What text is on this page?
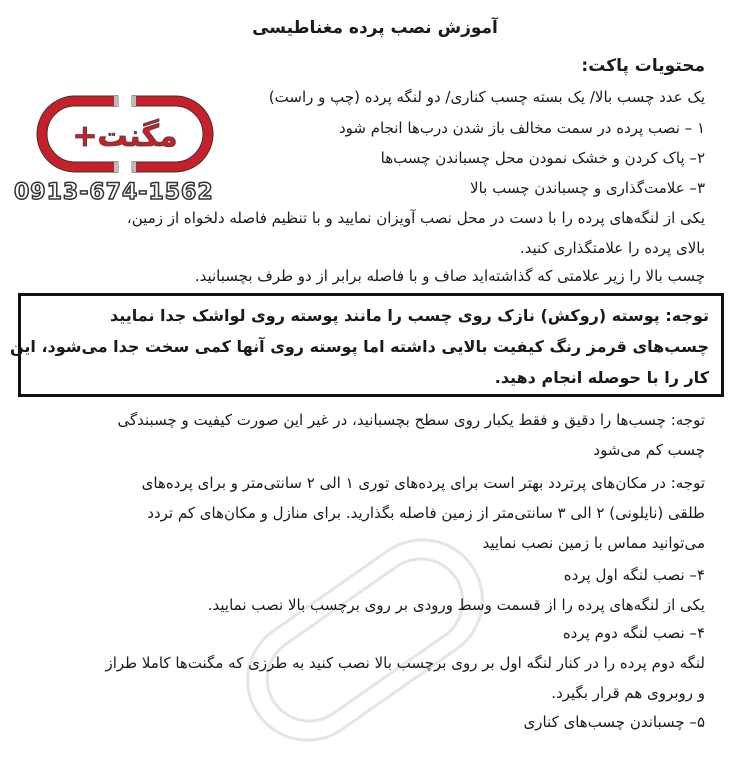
آموزش نصب پرده مغناطیسی
مگنت+
0913-674-1562
محتویات پاکت:
یک عدد چسب بالا/ یک بسته چسب کناری/ دو لنگه پرده (چپ و راست)
۱ – نصب پرده در سمت مخالف باز شدن درب‌ها انجام شود
۲– پاک کردن و خشک نمودن محل چسباندن چسب‌ها
۳– علامت‌گذاری و چسباندن چسب بالا
یکی از لنگه‌های پرده را با دست در محل نصب آویزان نمایید و با تنظیم فاصله دلخواه از زمین،
بالای پرده را علامتگذاری کنید.
چسب بالا را زیر علامتی که گذاشته‌اید صاف و با فاصله برابر از دو طرف بچسبانید.
توجه: پوسته (روکش) نازک روی چسب را مانند پوسته روی لواشک جدا نمایید
چسب‌های قرمز رنگ کیفیت بالایی داشته اما پوسته روی آنها کمی سخت جدا می‌شود، این
کار را با حوصله انجام دهید.
توجه: چسب‌ها را دقیق و فقط یکبار روی سطح بچسبانید، در غیر این صورت کیفیت و چسبندگی
چسب کم می‌شود
توجه: در مکان‌های پرتردد بهتر است برای پرده‌های توری ۱ الی ۲ سانتی‌متر و برای پرده‌های
طلقی (نایلونی) ۲ الی ۳ سانتی‌متر از زمین فاصله بگذارید. برای منازل و مکان‌های کم تردد
می‌توانید مماس با زمین نصب نمایید
۴– نصب لنگه اول پرده
یکی از لنگه‌های پرده را از قسمت وسط ورودی بر روی برچسب بالا نصب نمایید.
۴– نصب لنگه دوم پرده
لنگه دوم پرده را در کنار لنگه اول بر روی برچسب بالا نصب کنید به طرزی که مگنت‌ها کاملا طراز
و روبروی هم قرار بگیرد.
۵– چسباندن چسب‌های کناری
